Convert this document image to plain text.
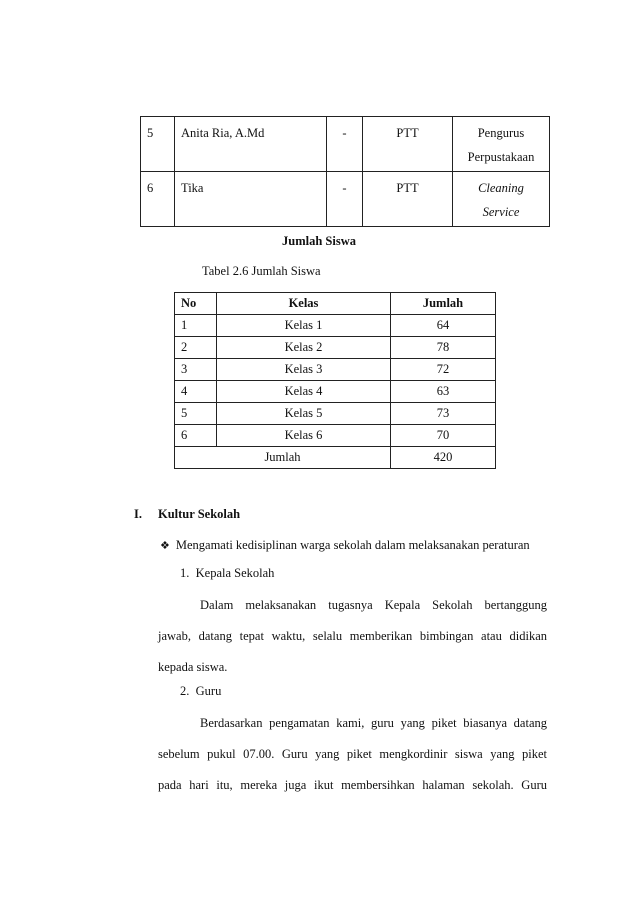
5	Anita Ria, A.Md	-	PTT	Pengurus
Perpustakaan
6	Tika	-	PTT	Cleaning
Service
Jumlah Siswa
Tabel 2.6 Jumlah Siswa
No	Kelas	Jumlah
1	Kelas 1	64
2	Kelas 2	78
3	Kelas 3	72
4	Kelas 4	63
5	Kelas 5	73
6	Kelas 6	70
Jumlah		420
I. Kultur Sekolah
❖ Mengamati kedisiplinan warga sekolah dalam melaksanakan peraturan
1.  Kepala Sekolah
Dalam melaksanakan tugasnya Kepala Sekolah bertanggung
jawab, datang tepat waktu, selalu memberikan bimbingan atau didikan
kepada siswa.
2.  Guru
Berdasarkan pengamatan kami, guru yang piket biasanya datang
sebelum pukul 07.00. Guru yang piket mengkordinir siswa yang piket
pada hari itu, mereka juga ikut membersihkan halaman sekolah. Guru
